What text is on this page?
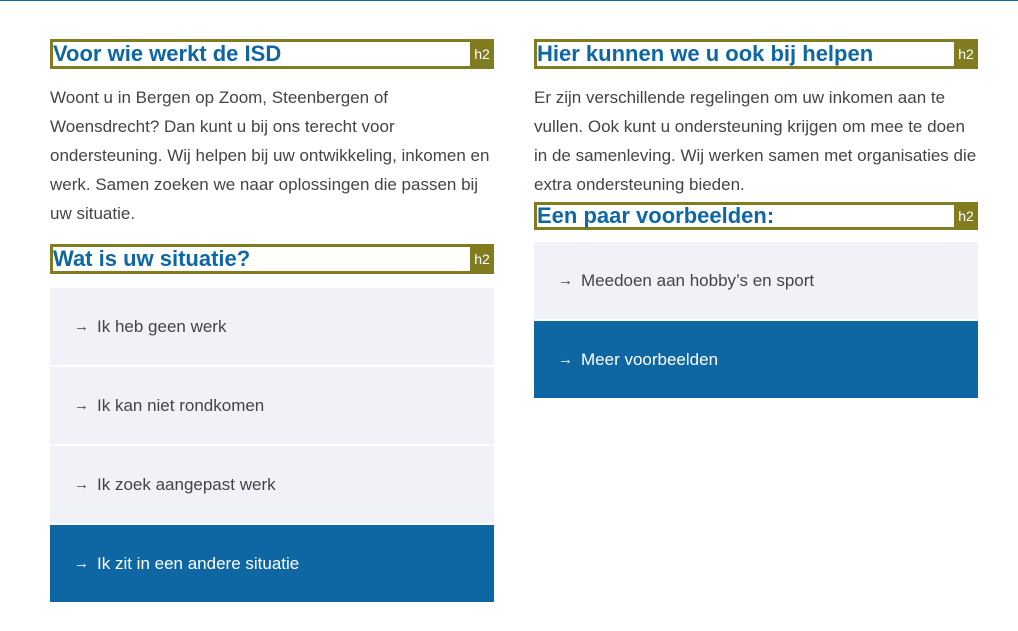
Voor wie werkt de ISD	h2

Woont u in Bergen op Zoom, Steenbergen of Woensdrecht? Dan kunt u bij ons terecht voor ondersteuning. Wij helpen bij uw ontwikkeling, inkomen en werk. Samen zoeken we naar oplossingen die passen bij uw situatie.

Wat is uw situatie?	h2
→ Ik heb geen werk
→ Ik kan niet rondkomen
→ Ik zoek aangepast werk
→ Ik zit in een andere situatie
Hier kunnen we u ook bij helpen	h2

Er zijn verschillende regelingen om uw inkomen aan te vullen. Ook kunt u ondersteuning krijgen om mee te doen in de samenleving. Wij werken samen met organisaties die extra ondersteuning bieden.

Een paar voorbeelden:	h2
→ Meedoen aan hobby’s en sport
→ Meer voorbeelden
